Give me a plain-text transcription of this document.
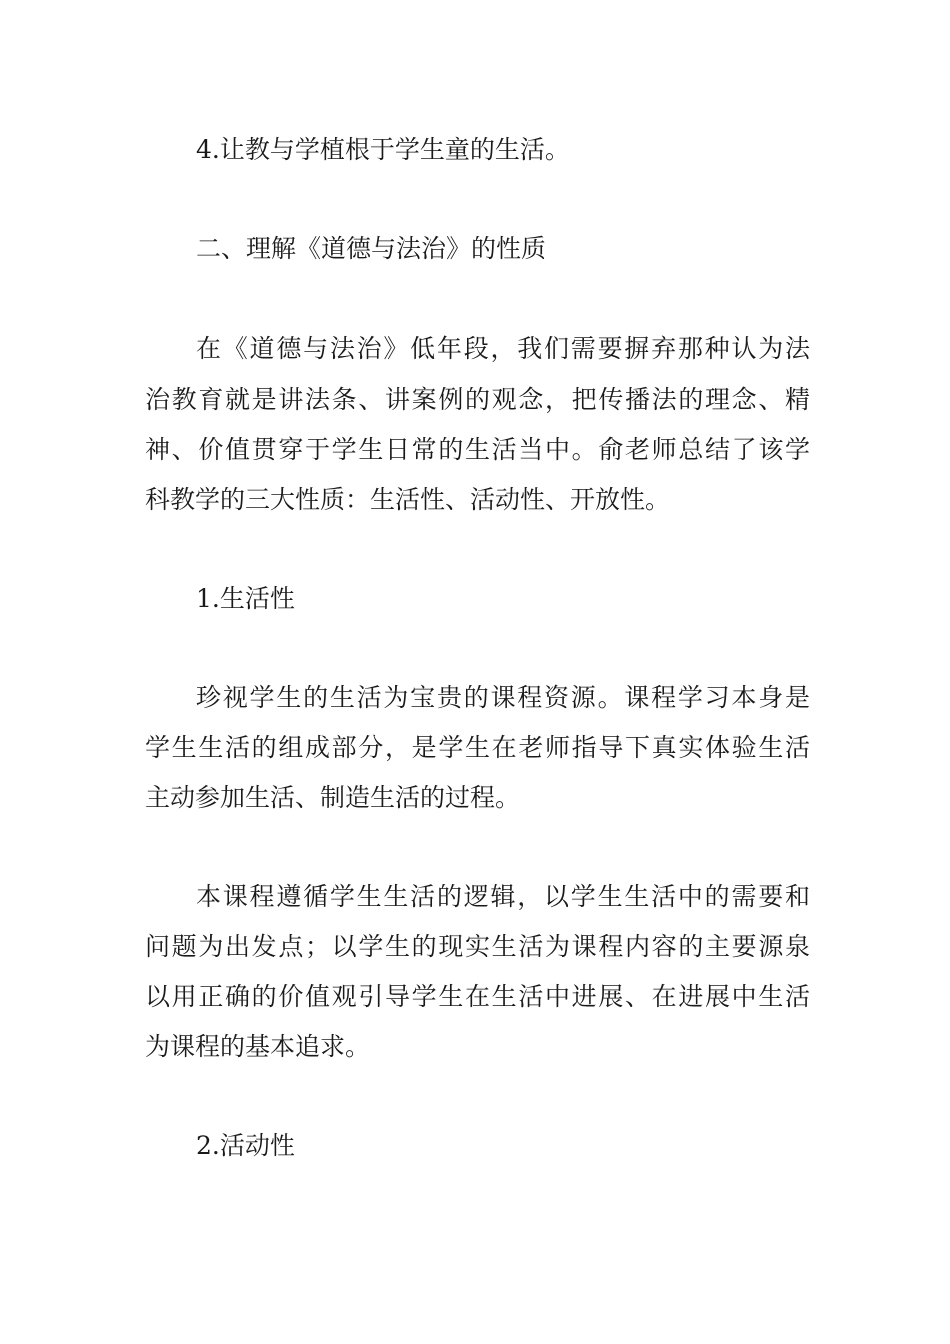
4.让教与学植根于学生童的生活。
二、理解《道德与法治》的性质
在《道德与法治》低年段，我们需要摒弃那种认为法
治教育就是讲法条、讲案例的观念，把传播法的理念、精
神、价值贯穿于学生日常的生活当中。俞老师总结了该学
科教学的三大性质：生活性、活动性、开放性。
1.生活性
珍视学生的生活为宝贵的课程资源。课程学习本身是
学生生活的组成部分，是学生在老师指导下真实体验生活
主动参加生活、制造生活的过程。
本课程遵循学生生活的逻辑，以学生生活中的需要和
问题为出发点；以学生的现实生活为课程内容的主要源泉
以用正确的价值观引导学生在生活中进展、在进展中生活
为课程的基本追求。
2.活动性
